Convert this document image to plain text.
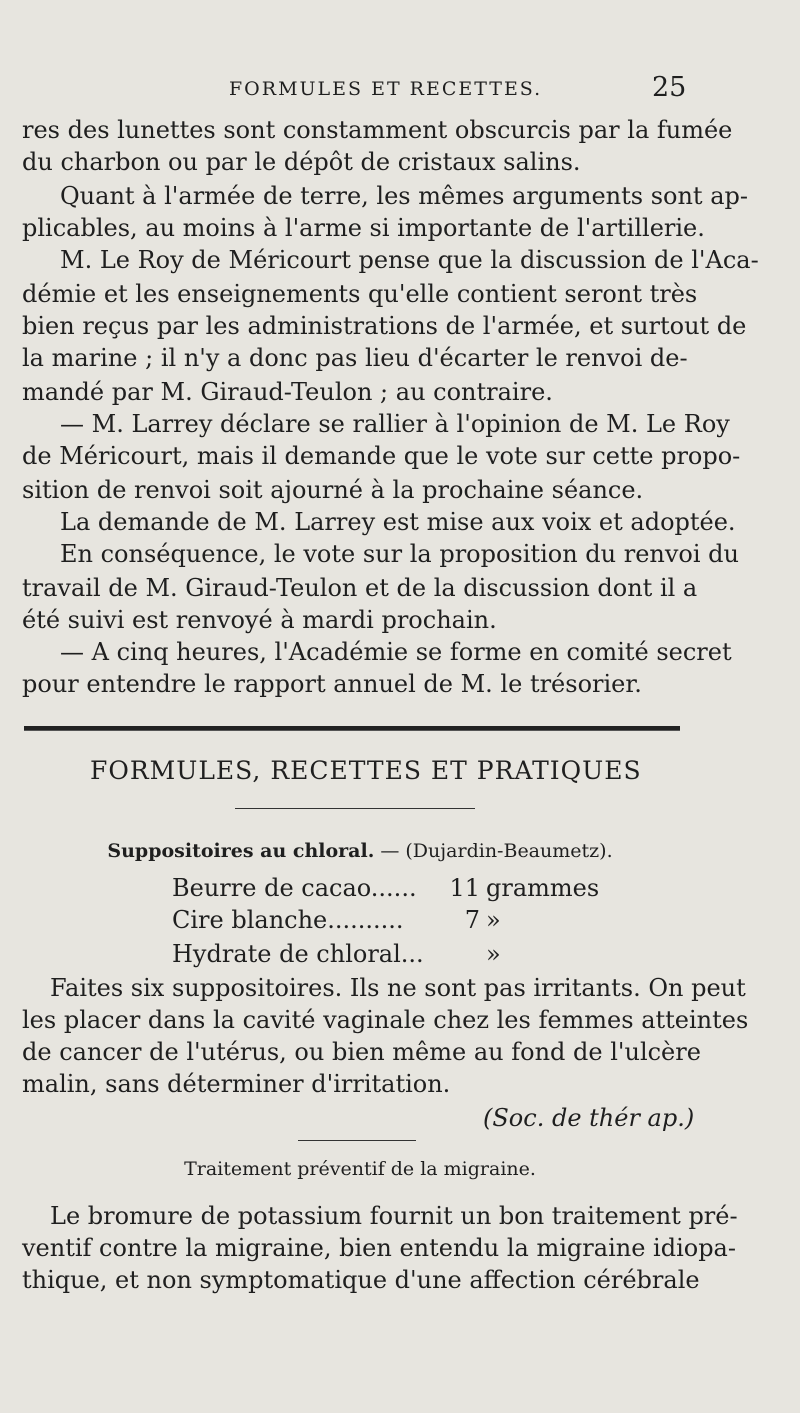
FORMULES ET RECETTES.	25
res des lunettes sont constamment obscurcis par la fumée
du charbon ou par le dépôt de cristaux salins.
Quant à l'armée de terre, les mêmes arguments sont ap-
plicables, au moins à l'arme si importante de l'artillerie.
M. Le Roy de Méricourt pense que la discussion de l'Aca-
démie et les enseignements qu'elle contient seront très
bien reçus par les administrations de l'armée, et surtout de
la marine ; il n'y a donc pas lieu d'écarter le renvoi de-
mandé par M. Giraud-Teulon ; au contraire.
— M. Larrey déclare se rallier à l'opinion de M. Le Roy
de Méricourt, mais il demande que le vote sur cette propo-
sition de renvoi soit ajourné à la prochaine séance.
La demande de M. Larrey est mise aux voix et adoptée.
En conséquence, le vote sur la proposition du renvoi du
travail de M. Giraud-Teulon et de la discussion dont il a
été suivi est renvoyé à mardi prochain.
— A cinq heures, l'Académie se forme en comité secret
pour entendre le rapport annuel de M. le trésorier.
FORMULES, RECETTES ET PRATIQUES
Suppositoires au chloral. — (Dujardin-Beaumetz).
Beurre de cacao...... 11 grammes
Cire blanche..........	7 »
Hydrate de chloral...	»
Faites six suppositoires. Ils ne sont pas irritants. On peut
les placer dans la cavité vaginale chez les femmes atteintes
de cancer de l'utérus, ou bien même au fond de l'ulcère
malin, sans déterminer d'irritation.
(Soc. de thér ap.)
Traitement préventif de la migraine.
Le bromure de potassium fournit un bon traitement pré-
ventif contre la migraine, bien entendu la migraine idiopa-
thique, et non symptomatique d'une affection cérébrale
